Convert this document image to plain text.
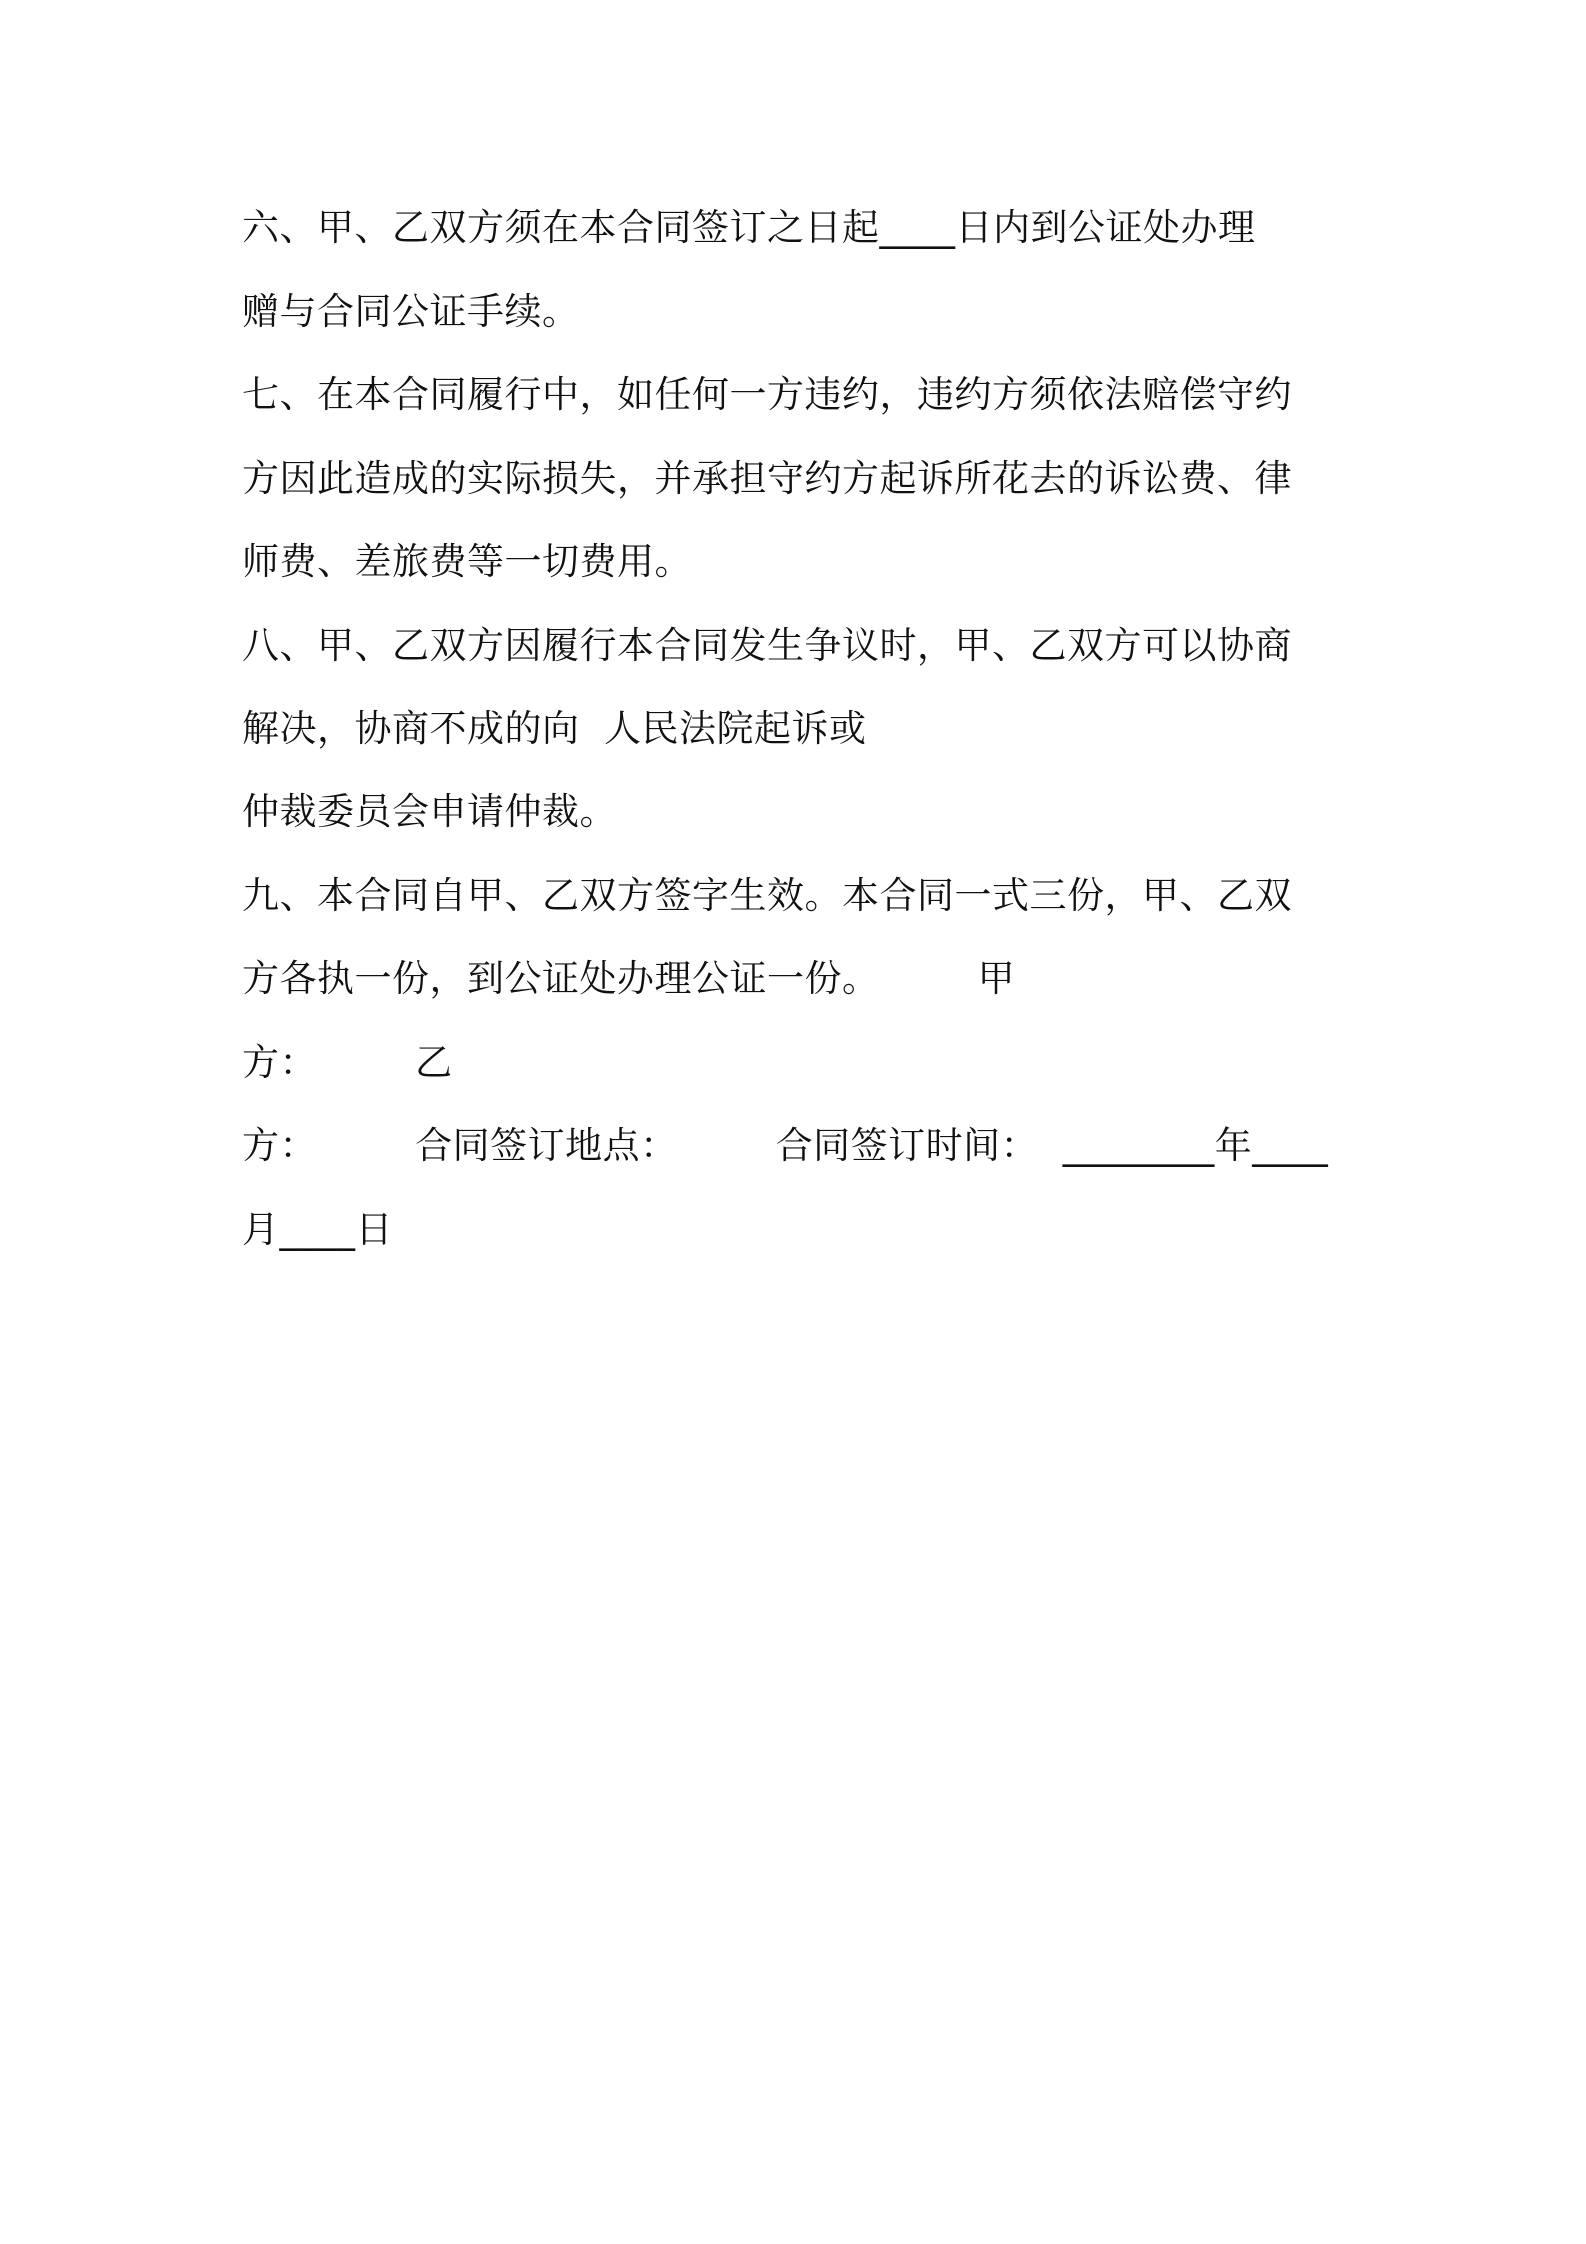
六、甲、乙双方须在本合同签订之日起____日内到公证处办理
赠与合同公证手续。
七、在本合同履行中，如任何一方违约，违约方须依法赔偿守约
方因此造成的实际损失，并承担守约方起诉所花去的诉讼费、律
师费、差旅费等一切费用。
八、甲、乙双方因履行本合同发生争议时，甲、乙双方可以协商
解决，协商不成的向  人民法院起诉或
仲裁委员会申请仲裁。
九、本合同自甲、乙双方签字生效。本合同一式三份，甲、乙双
方各执一份，到公证处办理公证一份。        甲
方：        乙
方：        合同签订地点：        合同签订时间：  ________年____
月____日
